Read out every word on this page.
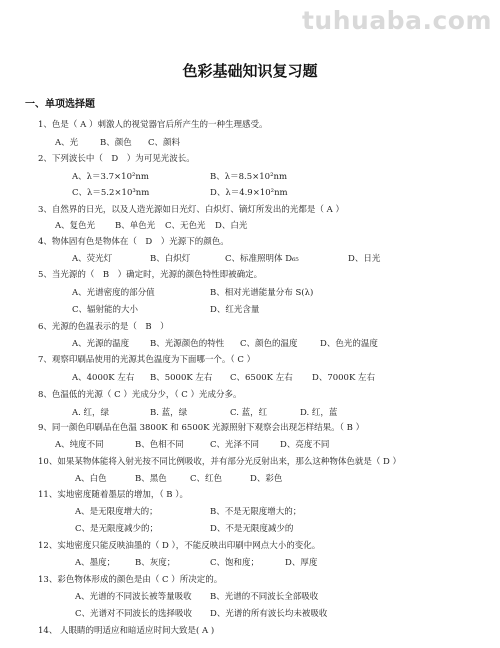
tuhuaba.com
色彩基础知识复习题
一、单项选择题
1、色是（ A ）刺激人的视觉器官后所产生的一种生理感受。
A、光	B、颜色 C、颜料
2、下列波长中（　D　）为可见光波长。
A、λ＝3.7×10²nm	B、λ＝8.5×10²nm
C、λ＝5.2×10³nm	D、λ＝4.9×10²nm
3、自然界的日光，以及人造光源如日光灯、白炽灯、镝灯所发出的光都是（ A ）
A、复色光 B、单色光 C、无色光 D、白光
4、物体固有色是物体在（　D　）光源下的颜色。
A、荧光灯	B、白炽灯	C、标准照明体 D₆₅	D、日光
5、当光源的（　B　）确定时，光源的颜色特性即被确定。
A、光谱密度的部分值	B、相对光谱能量分布 S(λ)
C、辐射能的大小	D、红光含量
6、光源的色温表示的是（　B　）
A、光源的温度 B、光源颜色的特性 C、颜色的温度	D、色光的温度
7、观察印刷品使用的光源其色温度为下面哪一个。（ C ）
A、4000K 左右 B、5000K 左右 C、6500K 左右 D、7000K 左右
8、色温低的光源（ C ）光成分少，（ C ）光成分多。
A. 红，绿	B. 蓝，绿	C. 蓝，红	D. 红，蓝
9、同一颜色印刷品在色温 3800K 和 6500K 光源照射下观察会出现怎样结果。（ B ）
A、纯度不同	B、色相不同	C、光泽不同 D、亮度不同
10、如果某物体能将入射光按不同比例吸收，并有部分光反射出来，那么这种物体色就是（ D ）
A、白色	B、黑色	C、红色	D、彩色
11、实地密度随着墨层的增加，（ B ）。
A、是无限度增大的；	B、不是无限度增大的；
C、是无限度减少的；	D、不是无限度减少的
12、实地密度只能反映油墨的（ D ），不能反映出印刷中网点大小的变化。
A、墨度； B、灰度；	C、饱和度；	D、厚度
13、彩色物体形成的颜色是由（ C ）所决定的。
A、光谱的不同波长被等量吸收 B、光谱的不同波长全部吸收
C、光谱对不同波长的选择吸收 D、光谱的所有波长均未被吸收
14、 人眼睛的明适应和暗适应时间大致是( A )
